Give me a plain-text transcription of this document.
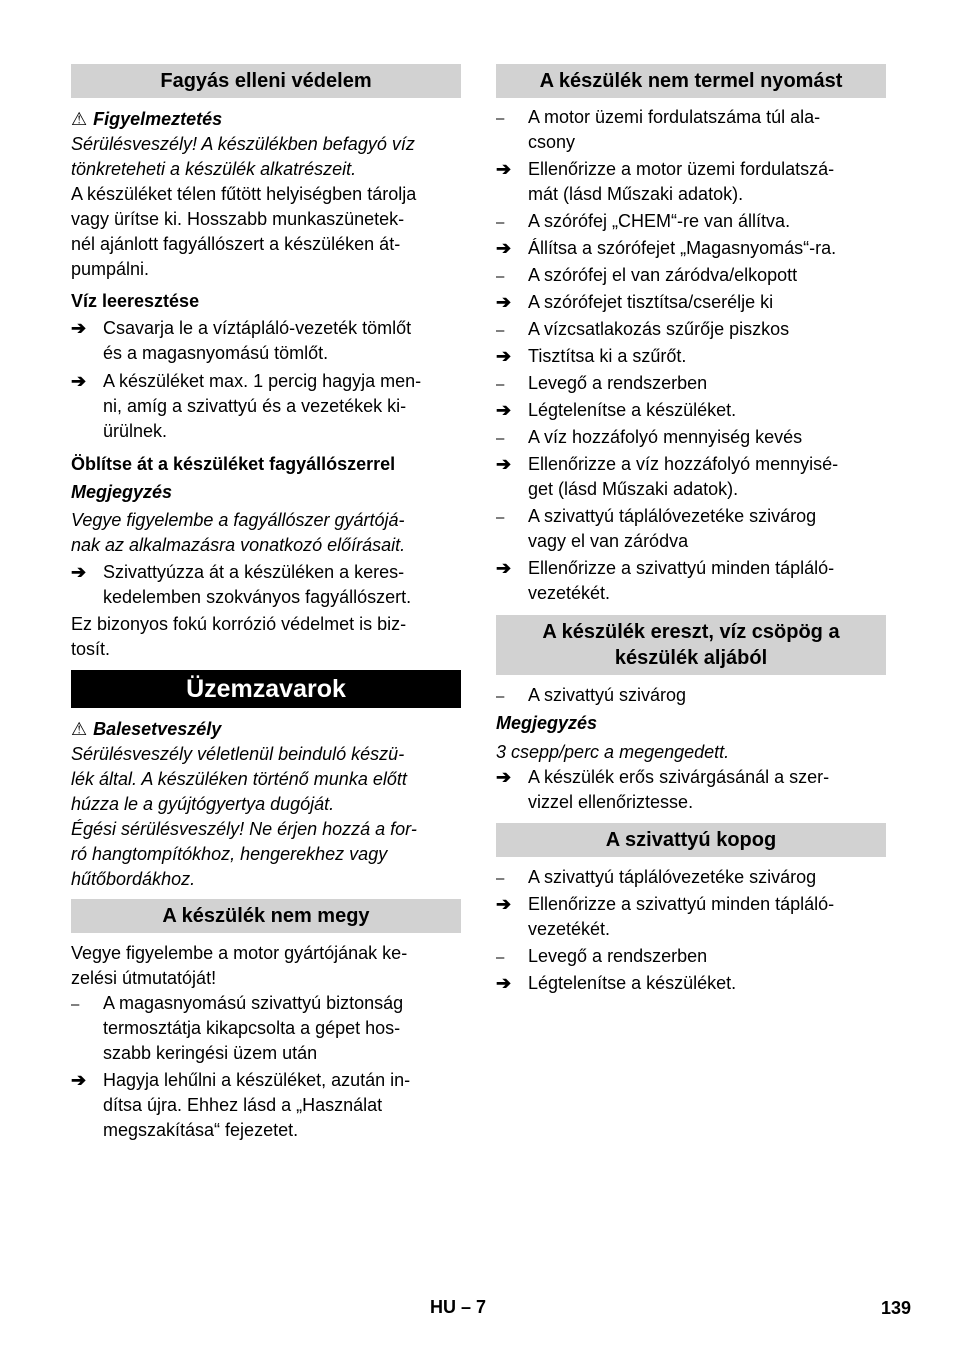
Fagyás elleni védelem
⚠ Figyelmeztetés
Sérülésveszély! A készülékben befagyó víz
tönkreteheti a készülék alkatrészeit.
A készüléket télen fűtött helyiségben tárolja
vagy ürítse ki. Hosszabb munkaszünetek-
nél ajánlott fagyállószert a készüléken át-
pumpálni.
Víz leeresztése
➔ Csavarja le a víztápláló-vezeték tömlőt
és a magasnyomású tömlőt.
➔ A készüléket max. 1 percig hagyja men-
ni, amíg a szivattyú és a vezetékek ki-
ürülnek.
Öblítse át a készüléket fagyállószerrel
Megjegyzés
Vegye figyelembe a fagyállószer gyártójá-
nak az alkalmazásra vonatkozó előírásait.
➔ Szivattyúzza át a készüléken a keres-
kedelemben szokványos fagyállószert.
Ez bizonyos fokú korrózió védelmet is biz-
tosít.
Üzemzavarok
⚠ Balesetveszély
Sérülésveszély véletlenül beinduló készü-
lék által. A készüléken történő munka előtt
húzza le a gyújtógyertya dugóját.
Égési sérülésveszély! Ne érjen hozzá a for-
ró hangtompítókhoz, hengerekhez vagy
hűtőbordákhoz.
A készülék nem megy
Vegye figyelembe a motor gyártójának ke-
zelési útmutatóját!
–	A magasnyomású szivattyú biztonság
termosztátja kikapcsolta a gépet hos-
szabb keringési üzem után
➔ Hagyja lehűlni a készüléket, azután in-
dítsa újra. Ehhez lásd a „Használat
megszakítása“ fejezetet.
A készülék nem termel nyomást
–	A motor üzemi fordulatszáma túl ala-
csony
➔ Ellenőrizze a motor üzemi fordulatszá-
mát (lásd Műszaki adatok).
–	A szórófej „CHEM“-re van állítva.
➔ Állítsa a szórófejet „Magasnyomás“-ra.
–	A szórófej el van záródva/elkopott
➔ A szórófejet tisztítsa/cserélje ki
–	A vízcsatlakozás szűrője piszkos
➔ Tisztítsa ki a szűrőt.
–	Levegő a rendszerben
➔ Légtelenítse a készüléket.
–	A víz hozzáfolyó mennyiség kevés
➔ Ellenőrizze a víz hozzáfolyó mennyisé-
get (lásd Műszaki adatok).
–	A szivattyú táplálóvezetéke szivárog
vagy el van záródva
➔ Ellenőrizze a szivattyú minden tápláló-
vezetékét.
A készülék ereszt, víz csöpög a
készülék aljából
–	A szivattyú szivárog
Megjegyzés
3 csepp/perc a megengedett.
➔ A készülék erős szivárgásánál a szer-
vizzel ellenőriztesse.
A szivattyú kopog
–	A szivattyú táplálóvezetéke szivárog
➔ Ellenőrizze a szivattyú minden tápláló-
vezetékét.
–	Levegő a rendszerben
➔ Légtelenítse a készüléket.
HU – 7	139
